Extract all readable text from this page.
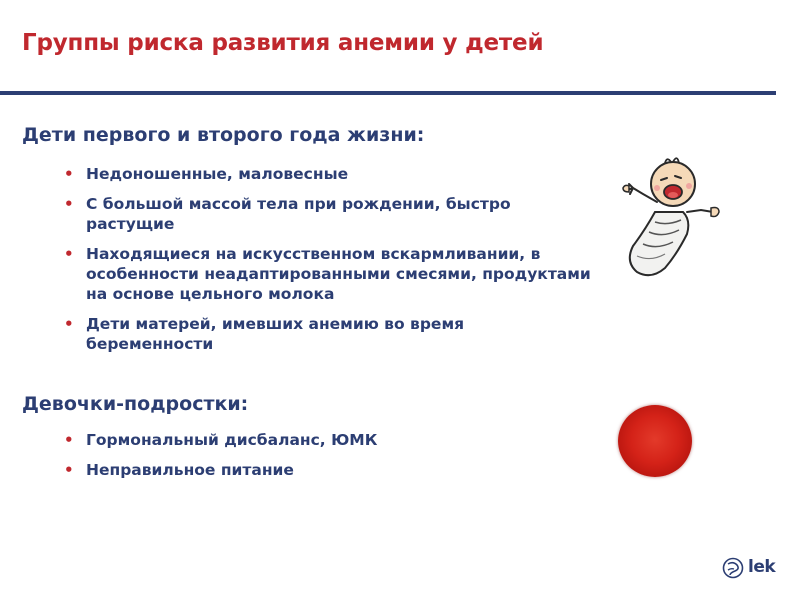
Группы риска развития анемии у детей
Дети первого и второго года жизни:
• Недоношенные, маловесные
• С большой массой тела при рождении, быстро растущие
• Находящиеся на искусственном вскармливании, в особенности неадаптированными смесями, продуктами на основе цельного молока
• Дети матерей, имевших анемию во время беременности
Девочки-подростки:
• Гормональный дисбаланс, ЮМК
• Неправильное питание
lek
